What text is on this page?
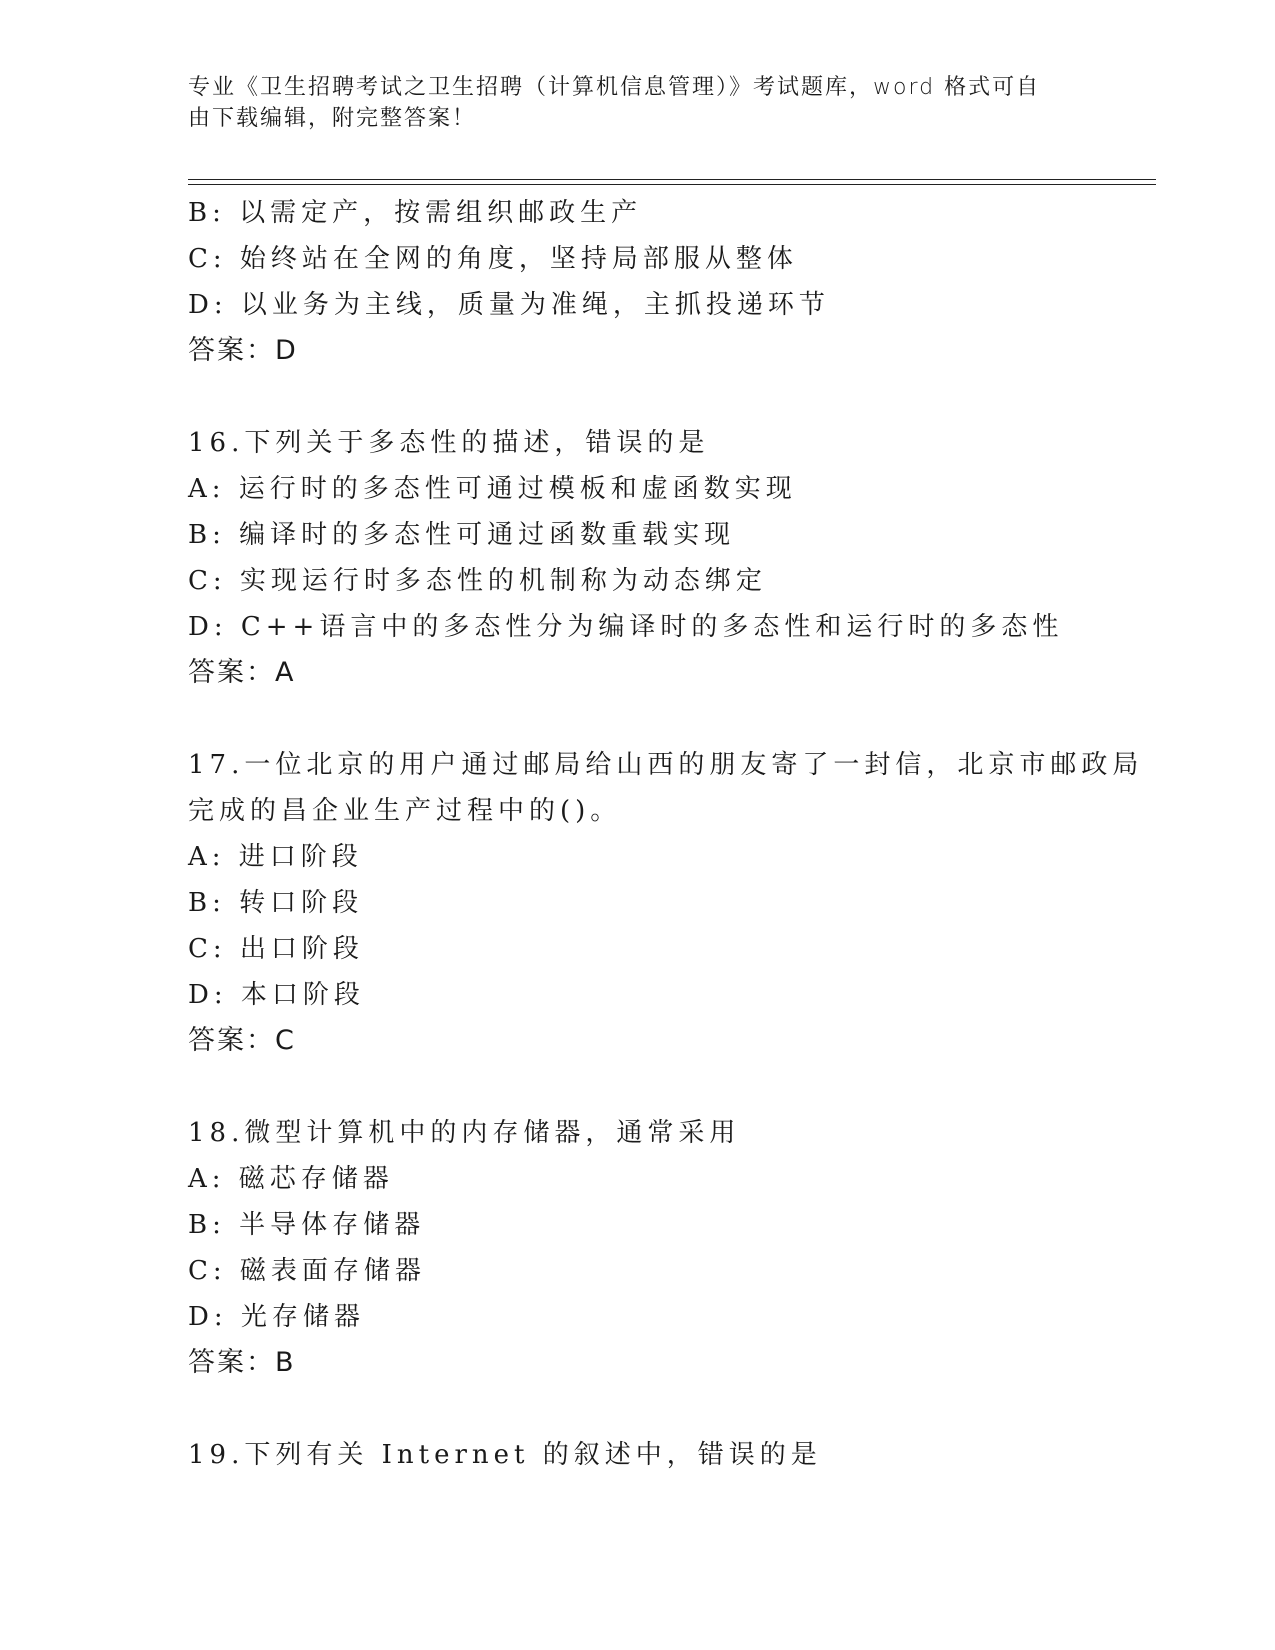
专业《卫生招聘考试之卫生招聘（计算机信息管理）》考试题库，word 格式可自
由下载编辑，附完整答案！
B: 以需定产，按需组织邮政生产
C: 始终站在全网的角度，坚持局部服从整体
D: 以业务为主线，质量为准绳，主抓投递环节
答案：D
16.下列关于多态性的描述，错误的是
A: 运行时的多态性可通过模板和虚函数实现
B: 编译时的多态性可通过函数重载实现
C: 实现运行时多态性的机制称为动态绑定
D: C++语言中的多态性分为编译时的多态性和运行时的多态性
答案：A
17.一位北京的用户通过邮局给山西的朋友寄了一封信，北京市邮政局
完成的昌企业生产过程中的()。
A: 进口阶段
B: 转口阶段
C: 出口阶段
D: 本口阶段
答案：C
18.微型计算机中的内存储器，通常采用
A: 磁芯存储器
B: 半导体存储器
C: 磁表面存储器
D: 光存储器
答案：B
19.下列有关 Internet 的叙述中，错误的是
